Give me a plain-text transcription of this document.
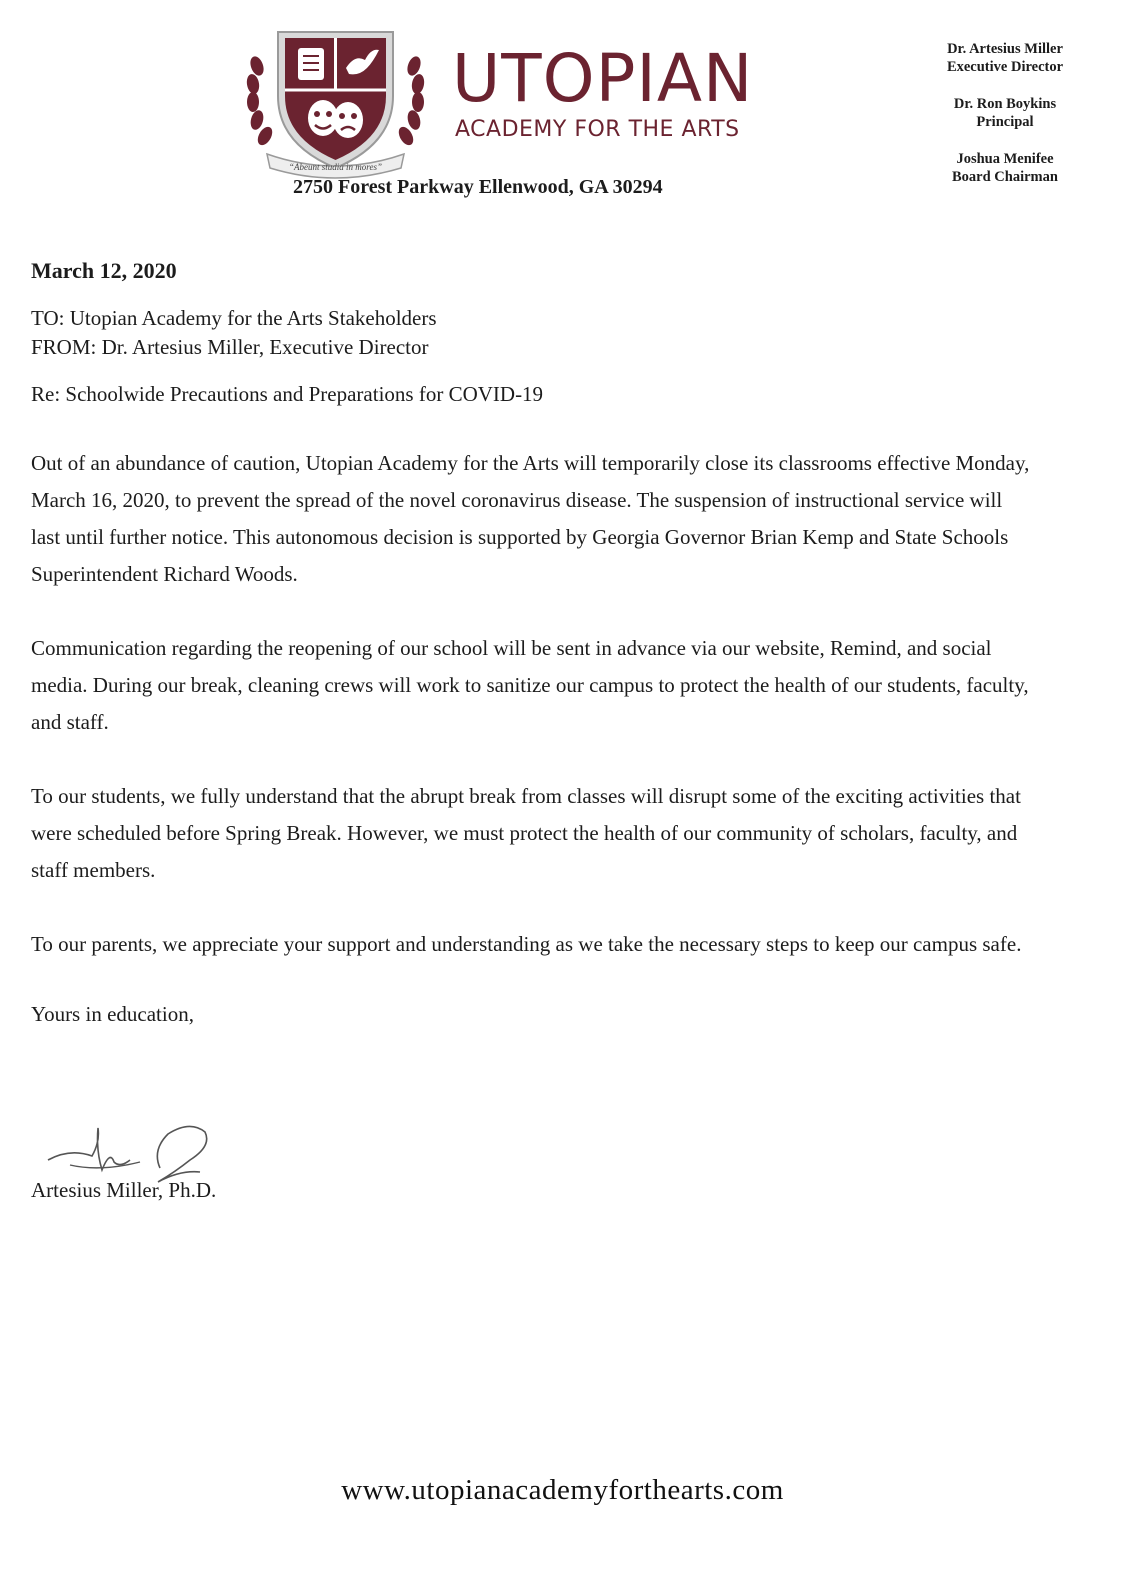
“Abeunt studia in mores”
UTOPIAN
ACADEMY FOR THE ARTS
2750 Forest Parkway Ellenwood, GA 30294
Dr. Artesius Miller
Executive Director
Dr. Ron Boykins
Principal
Joshua Menifee
Board Chairman

March 12, 2020

TO: Utopian Academy for the Arts Stakeholders
FROM: Dr. Artesius Miller, Executive Director

Re: Schoolwide Precautions and Preparations for COVID-19

Out of an abundance of caution, Utopian Academy for the Arts will temporarily close its classrooms effective Monday, March 16, 2020, to prevent the spread of the novel coronavirus disease. The suspension of instructional service will last until further notice. This autonomous decision is supported by Georgia Governor Brian Kemp and State Schools Superintendent Richard Woods.

Communication regarding the reopening of our school will be sent in advance via our website, Remind, and social media. During our break, cleaning crews will work to sanitize our campus to protect the health of our students, faculty, and staff.

To our students, we fully understand that the abrupt break from classes will disrupt some of the exciting activities that were scheduled before Spring Break. However, we must protect the health of our community of scholars, faculty, and staff members.

To our parents, we appreciate your support and understanding as we take the necessary steps to keep our campus safe.

Yours in education,

Artesius Miller, Ph.D.
www.utopianacademyforthearts.com
